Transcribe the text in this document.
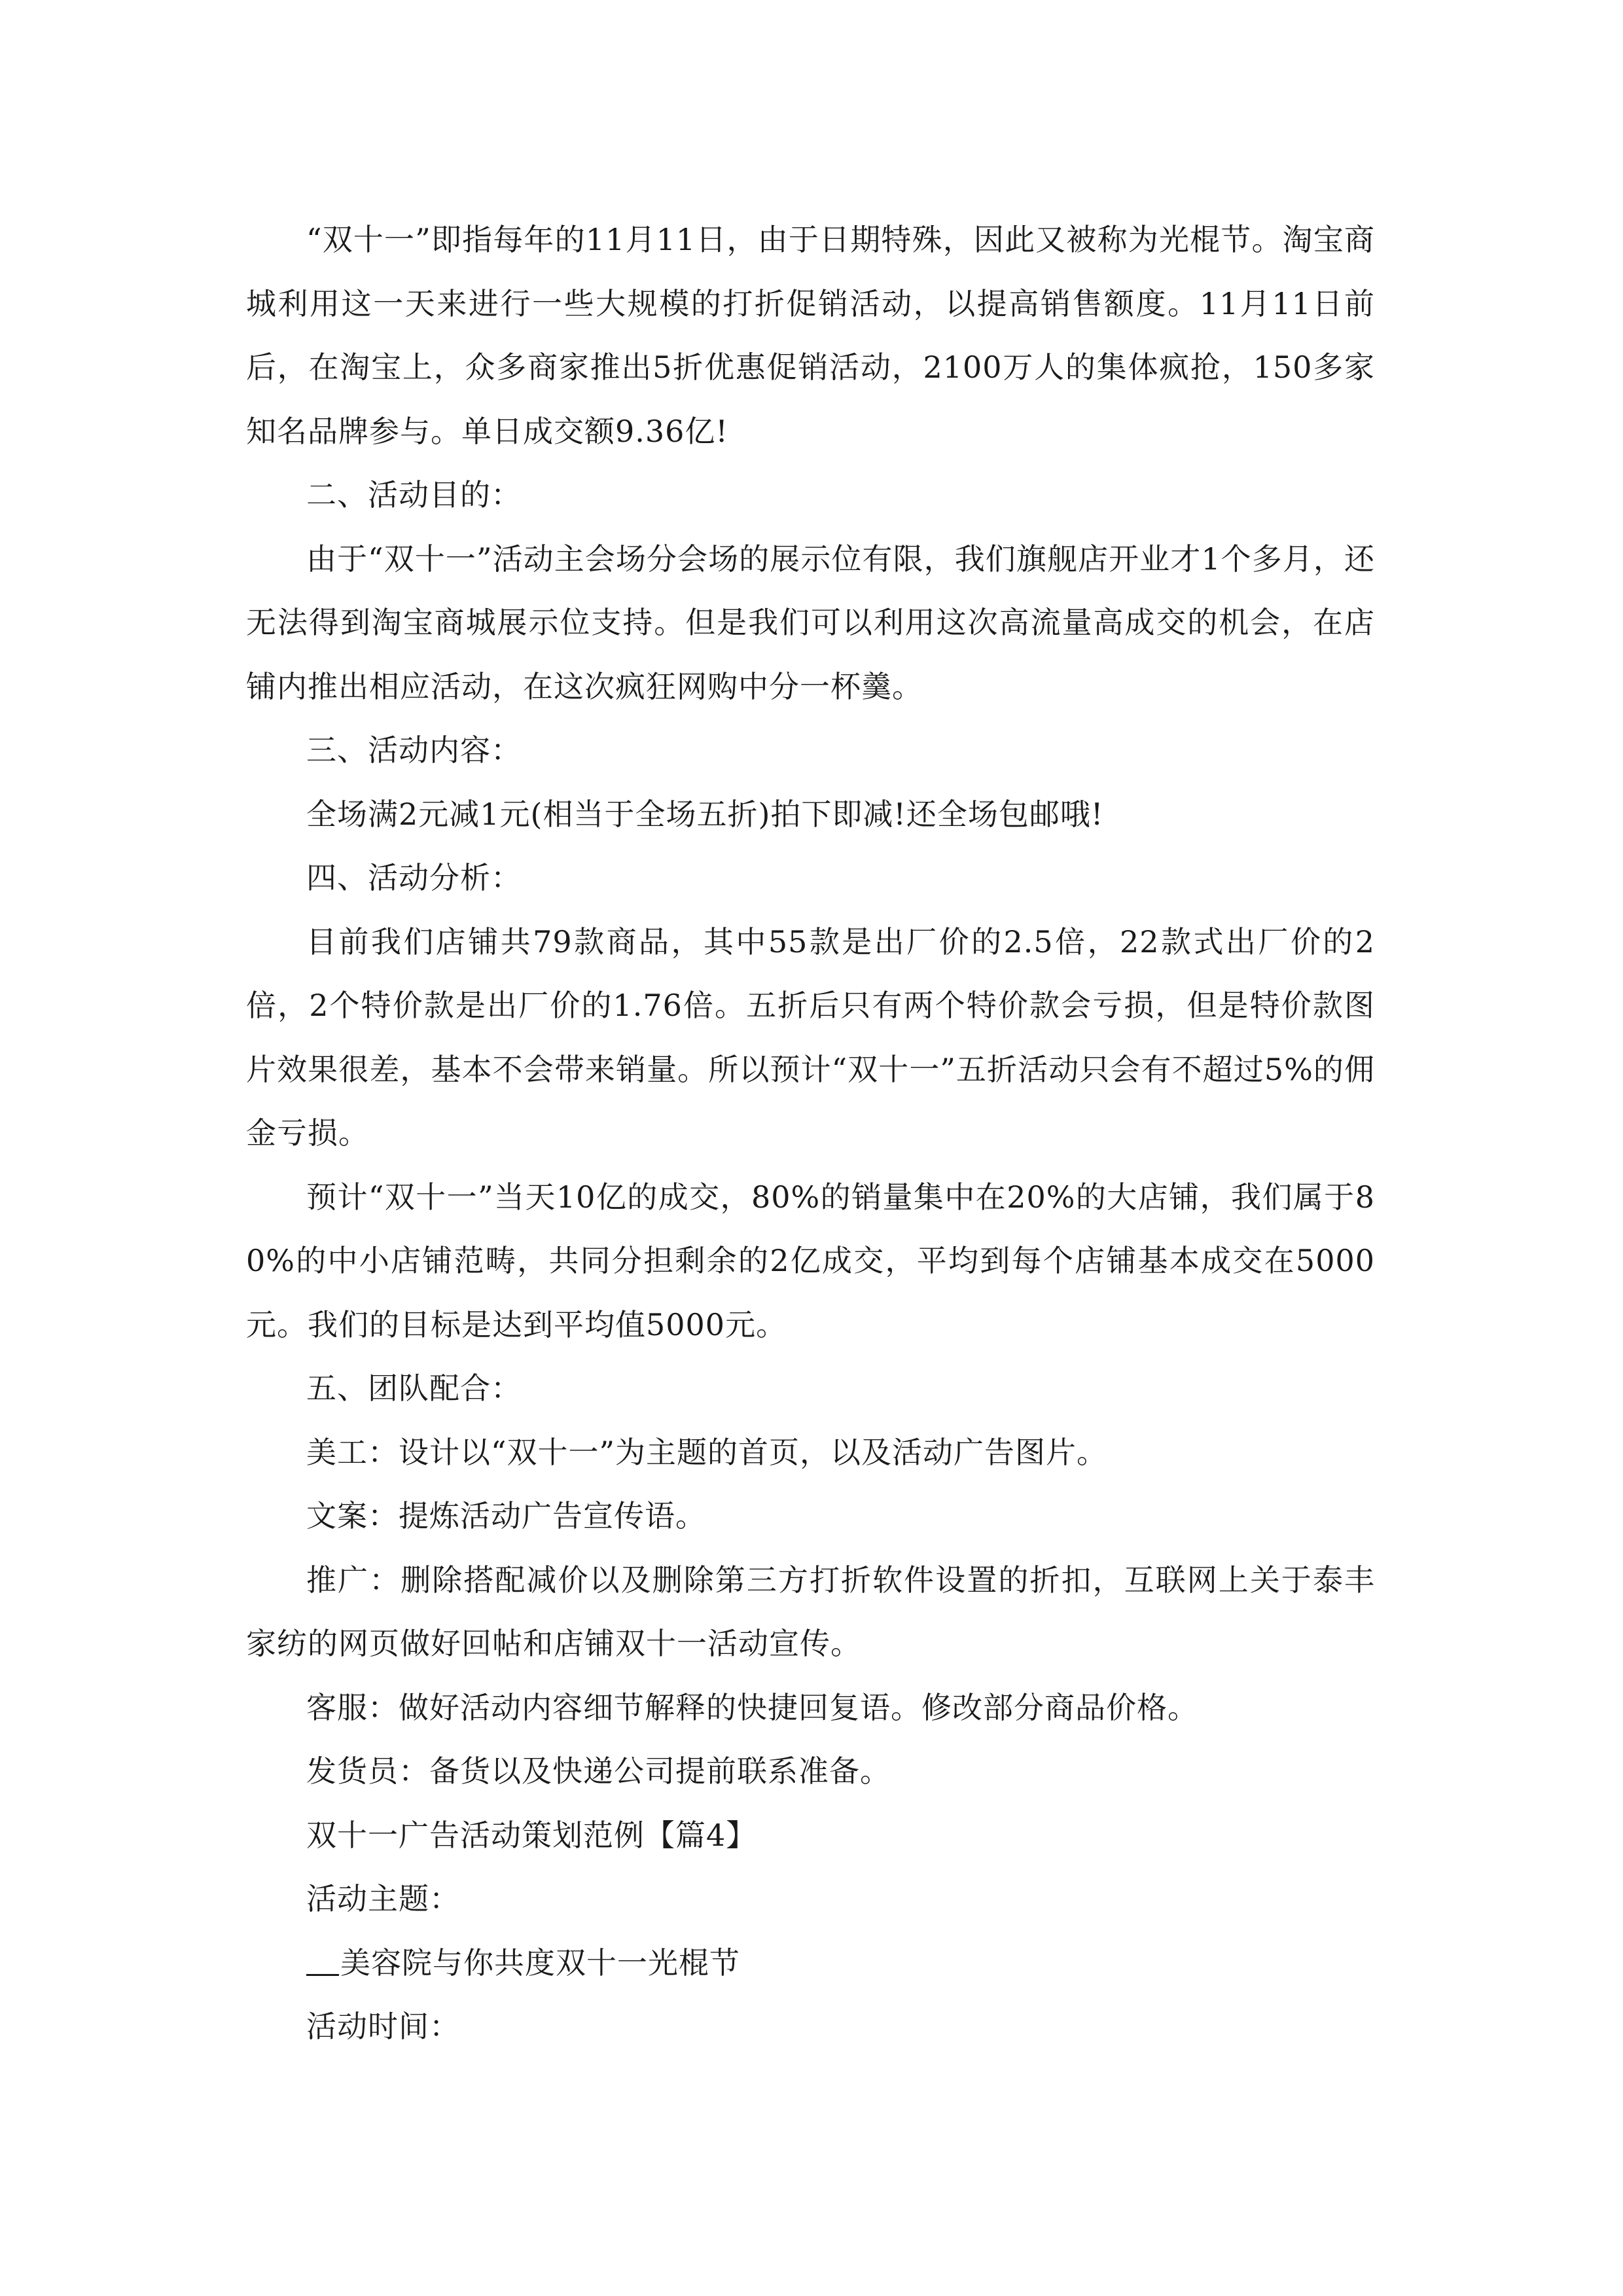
“双十一”即指每年的11月11日，由于日期特殊，因此又被称为光棍节。淘宝商城利用这一天来进行一些大规模的打折促销活动，以提高销售额度。11月11日前后，在淘宝上，众多商家推出5折优惠促销活动，2100万人的集体疯抢，150多家知名品牌参与。单日成交额9.36亿!

二、活动目的：

由于“双十一”活动主会场分会场的展示位有限，我们旗舰店开业才1个多月，还无法得到淘宝商城展示位支持。但是我们可以利用这次高流量高成交的机会，在店铺内推出相应活动，在这次疯狂网购中分一杯羹。

三、活动内容：

全场满2元减1元(相当于全场五折)拍下即减!还全场包邮哦!

四、活动分析：

目前我们店铺共79款商品，其中55款是出厂价的2.5倍，22款式出厂价的2倍，2个特价款是出厂价的1.76倍。五折后只有两个特价款会亏损，但是特价款图片效果很差，基本不会带来销量。所以预计“双十一”五折活动只会有不超过5%的佣金亏损。

预计“双十一”当天10亿的成交，80%的销量集中在20%的大店铺，我们属于80%的中小店铺范畴，共同分担剩余的2亿成交，平均到每个店铺基本成交在5000元。我们的目标是达到平均值5000元。

五、团队配合：

美工：设计以“双十一”为主题的首页，以及活动广告图片。

文案：提炼活动广告宣传语。

推广：删除搭配减价以及删除第三方打折软件设置的折扣，互联网上关于泰丰家纺的网页做好回帖和店铺双十一活动宣传。

客服：做好活动内容细节解释的快捷回复语。修改部分商品价格。

发货员：备货以及快递公司提前联系准备。

双十一广告活动策划范例【篇4】

活动主题：

美容院与你共度双十一光棍节

活动时间：
